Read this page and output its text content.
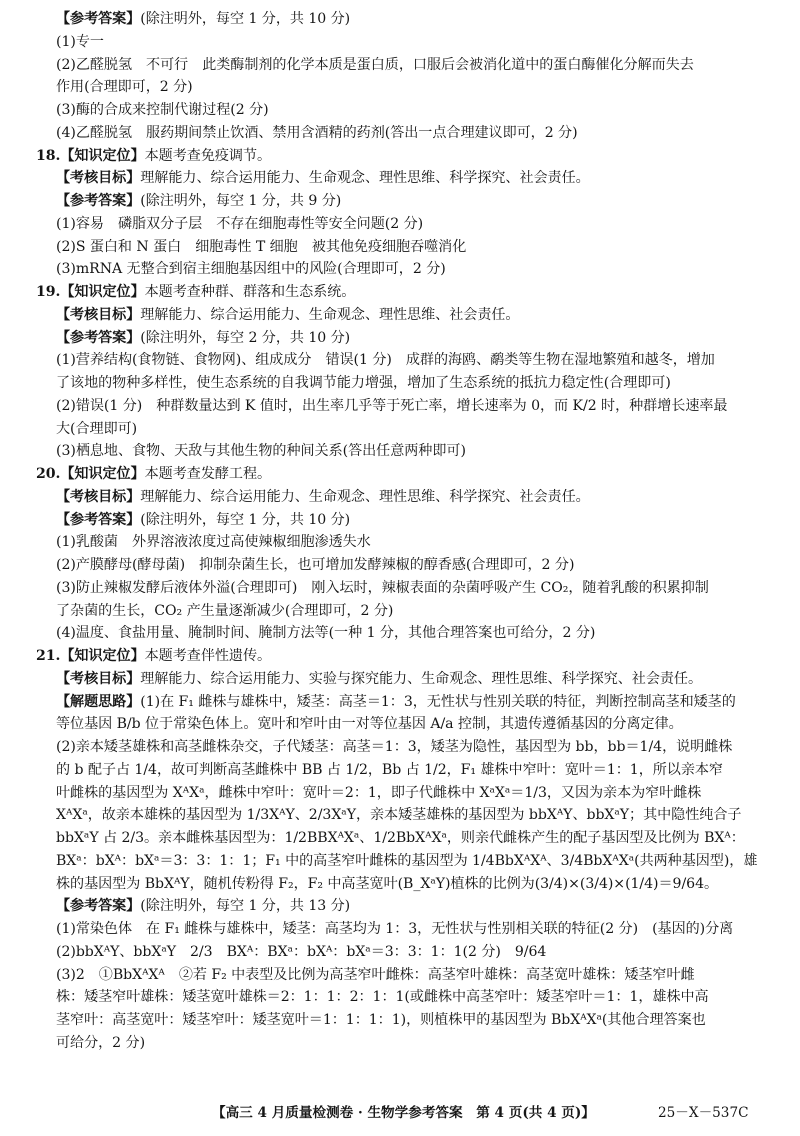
【参考答案】(除注明外，每空 1 分，共 10 分)
(1)专一
(2)乙醛脱氢　不可行　此类酶制剂的化学本质是蛋白质，口服后会被消化道中的蛋白酶催化分解而失去
作用(合理即可，2 分)
(3)酶的合成来控制代谢过程(2 分)
(4)乙醛脱氢　服药期间禁止饮酒、禁用含酒精的药剂(答出一点合理建议即可，2 分)
18.【知识定位】本题考查免疫调节。
【考核目标】理解能力、综合运用能力、生命观念、理性思维、科学探究、社会责任。
【参考答案】(除注明外，每空 1 分，共 9 分)
(1)容易　磷脂双分子层　不存在细胞毒性等安全问题(2 分)
(2)S 蛋白和 N 蛋白　细胞毒性 T 细胞　被其他免疫细胞吞噬消化
(3)mRNA 无整合到宿主细胞基因组中的风险(合理即可，2 分)
19.【知识定位】本题考查种群、群落和生态系统。
【考核目标】理解能力、综合运用能力、生命观念、理性思维、社会责任。
【参考答案】(除注明外，每空 2 分，共 10 分)
(1)营养结构(食物链、食物网)、组成成分　错误(1 分)　成群的海鸥、鹬类等生物在湿地繁殖和越冬，增加
了该地的物种多样性，使生态系统的自我调节能力增强，增加了生态系统的抵抗力稳定性(合理即可)
(2)错误(1 分)　种群数量达到 K 值时，出生率几乎等于死亡率，增长速率为 0，而 K/2 时，种群增长速率最
大(合理即可)
(3)栖息地、食物、天敌与其他生物的种间关系(答出任意两种即可)
20.【知识定位】本题考查发酵工程。
【考核目标】理解能力、综合运用能力、生命观念、理性思维、科学探究、社会责任。
【参考答案】(除注明外，每空 1 分，共 10 分)
(1)乳酸菌　外界溶液浓度过高使辣椒细胞渗透失水
(2)产膜酵母(酵母菌)　抑制杂菌生长，也可增加发酵辣椒的醇香感(合理即可，2 分)
(3)防止辣椒发酵后液体外溢(合理即可)　刚入坛时，辣椒表面的杂菌呼吸产生 CO₂，随着乳酸的积累抑制
了杂菌的生长，CO₂ 产生量逐渐减少(合理即可，2 分)
(4)温度、食盐用量、腌制时间、腌制方法等(一种 1 分，其他合理答案也可给分，2 分)
21.【知识定位】本题考查伴性遗传。
【考核目标】理解能力、综合运用能力、实验与探究能力、生命观念、理性思维、科学探究、社会责任。
【解题思路】(1)在 F₁ 雌株与雄株中，矮茎：高茎＝1：3，无性状与性别关联的特征，判断控制高茎和矮茎的
等位基因 B/b 位于常染色体上。宽叶和窄叶由一对等位基因 A/a 控制，其遗传遵循基因的分离定律。
(2)亲本矮茎雄株和高茎雌株杂交，子代矮茎：高茎＝1：3，矮茎为隐性，基因型为 bb，bb＝1/4，说明雌株
的 b 配子占 1/4，故可判断高茎雌株中 BB 占 1/2，Bb 占 1/2，F₁ 雄株中窄叶：宽叶＝1：1，所以亲本窄
叶雌株的基因型为 XᴬXᵃ，雌株中窄叶：宽叶＝2：1，即子代雌株中 XᵃXᵃ＝1/3，又因为亲本为窄叶雌株
XᴬXᵃ，故亲本雄株的基因型为 1/3XᴬY、2/3XᵃY，亲本矮茎雄株的基因型为 bbXᴬY、bbXᵃY；其中隐性纯合子
bbXᵃY 占 2/3。亲本雌株基因型为：1/2BBXᴬXᵃ、1/2BbXᴬXᵃ，则亲代雌株产生的配子基因型及比例为 BXᴬ：
BXᵃ：bXᴬ：bXᵃ＝3：3：1：1；F₁ 中的高茎窄叶雌株的基因型为 1/4BbXᴬXᴬ、3/4BbXᴬXᵃ(共两种基因型)，雄
株的基因型为 BbXᴬY，随机传粉得 F₂，F₂ 中高茎宽叶(B_XᵃY)植株的比例为(3/4)×(3/4)×(1/4)＝9/64。
【参考答案】(除注明外，每空 1 分，共 13 分)
(1)常染色体　在 F₁ 雌株与雄株中，矮茎：高茎均为 1：3，无性状与性别相关联的特征(2 分)　(基因的)分离
(2)bbXᴬY、bbXᵃY　2/3　BXᴬ：BXᵃ：bXᴬ：bXᵃ＝3：3：1：1(2 分)　9/64
(3)2　①BbXᴬXᴬ　②若 F₂ 中表型及比例为高茎窄叶雌株：高茎窄叶雄株：高茎宽叶雄株：矮茎窄叶雌
株：矮茎窄叶雄株：矮茎宽叶雄株＝2：1：1：2：1：1(或雌株中高茎窄叶：矮茎窄叶＝1：1，雄株中高
茎窄叶：高茎宽叶：矮茎窄叶：矮茎宽叶＝1：1：1：1)，则植株甲的基因型为 BbXᴬXᵃ(其他合理答案也
可给分，2 分)
【高三 4 月质量检测卷 · 生物学参考答案　第 4 页(共 4 页)】	25－X－537C
